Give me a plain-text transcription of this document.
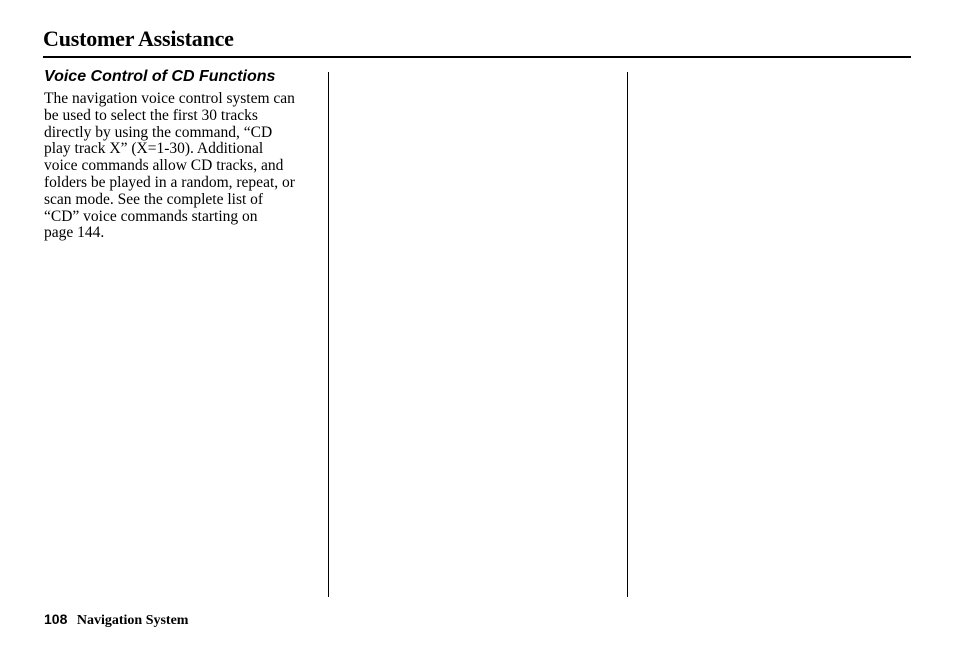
Customer Assistance
Voice Control of CD Functions

The navigation voice control system can
be used to select the first 30 tracks
directly by using the command, “CD
play track X” (X=1-30). Additional
voice commands allow CD tracks, and
folders be played in a random, repeat, or
scan mode. See the complete list of
“CD” voice commands starting on
page 144.

108 Navigation System
